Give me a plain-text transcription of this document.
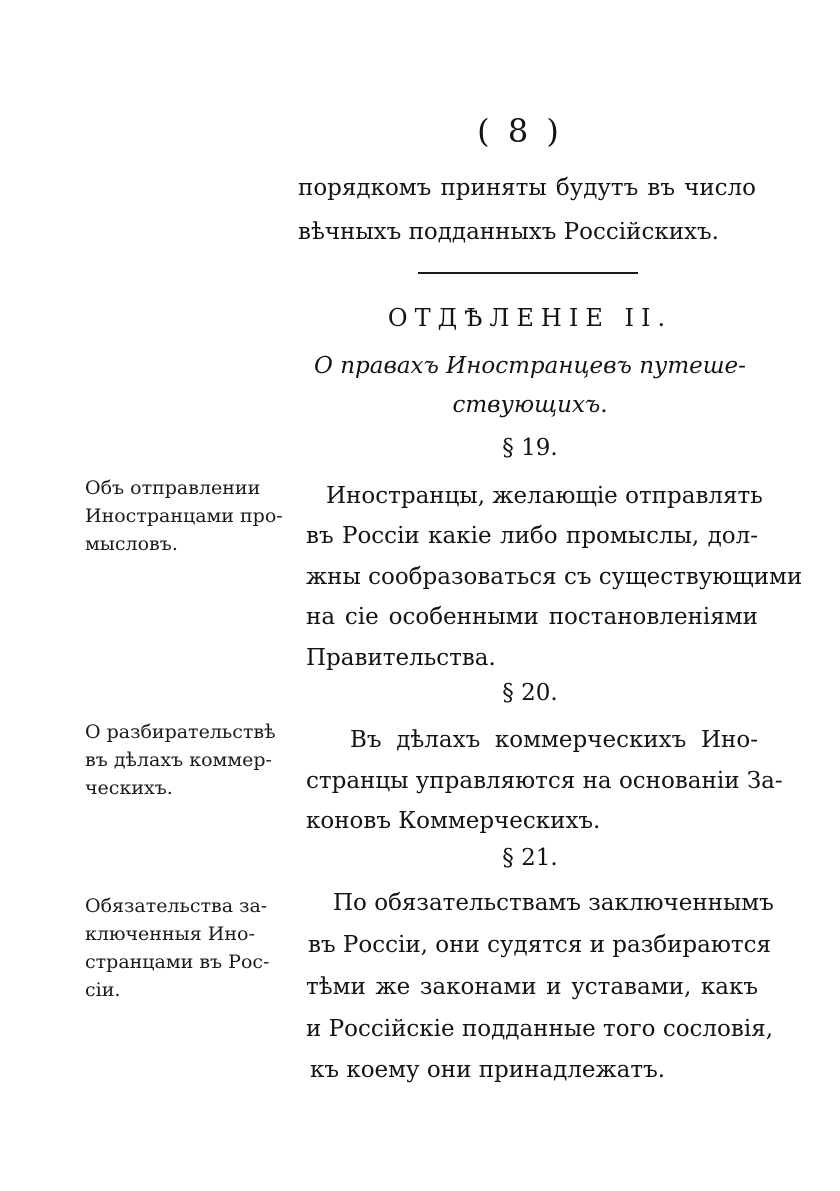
( 8 )
порядкомъ приняты будутъ въ число
вѣчныхъ подданныхъ Россійскихъ.
ОТДѢЛЕНIЕ II.
О правахъ Иностранцевъ путеше-
ствующихъ.
§ 19.
Объ отправлении
Иностранцами про-
мысловъ.
Иностранцы, желающіе отправлять
въ Россіи какіе либо промыслы, дол-
жны сообразоваться съ существующими
на сіе особенными постановленіями
Правительства.
§ 20.
О разбирательствѣ
въ дѣлахъ коммер-
ческихъ.
Въ дѣлахъ коммерческихъ Ино-
странцы управляются на основаніи За-
коновъ Коммерческихъ.
§ 21.
Обязательства за-
ключенныя Ино-
странцами въ Рос-
сіи.
По обязательствамъ заключеннымъ
въ Россіи, они судятся и разбираются
тѣми же законами и уставами, какъ
и Россійскіе подданные того сословія,
къ коему они принадлежатъ.
